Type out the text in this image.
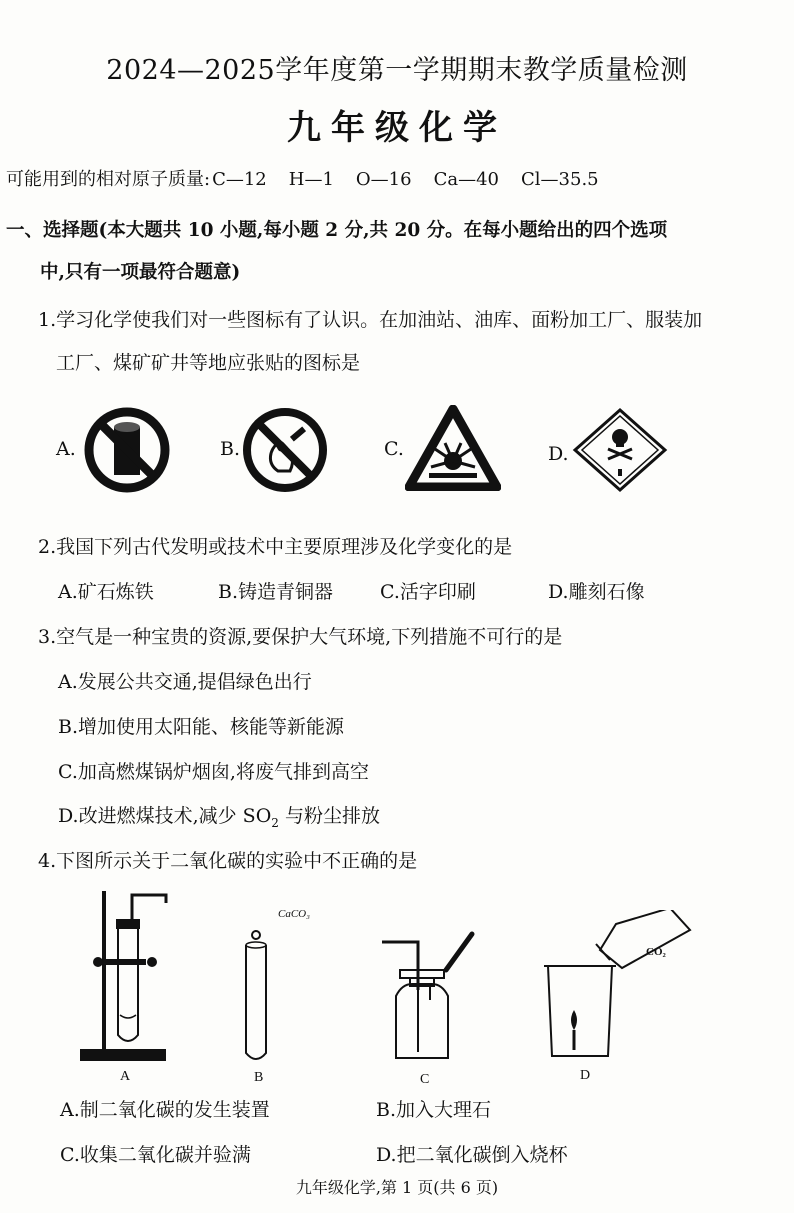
2024—2025学年度第一学期期末教学质量检测
九年级化学
可能用到的相对原子质量: C—12 H—1 O—16 Ca—40 Cl—35.5
一、选择题(本大题共 10 小题,每小题 2 分,共 20 分。在每小题给出的四个选项
中,只有一项最符合题意)
1.学习化学使我们对一些图标有了认识。在加油站、油库、面粉加工厂、服装加
工厂、煤矿矿井等地应张贴的图标是
A.	B.	C.	D.
2.我国下列古代发明或技术中主要原理涉及化学变化的是
A.矿石炼铁	B.铸造青铜器 C.活字印刷	D.雕刻石像
3.空气是一种宝贵的资源,要保护大气环境,下列措施不可行的是
A.发展公共交通,提倡绿色出行
B.增加使用太阳能、核能等新能源
C.加高燃煤锅炉烟囱,将废气排到高空
D.改进燃煤技术,减少 $SO_2$ 与粉尘排放
4.下图所示关于二氧化碳的实验中不正确的是
A
CaCO₃
B	C
CO₂
D
A.制二氧化碳的发生装置	B.加入大理石
C.收集二氧化碳并验满	D.把二氧化碳倒入烧杯
九年级化学,第 1 页(共 6 页)
